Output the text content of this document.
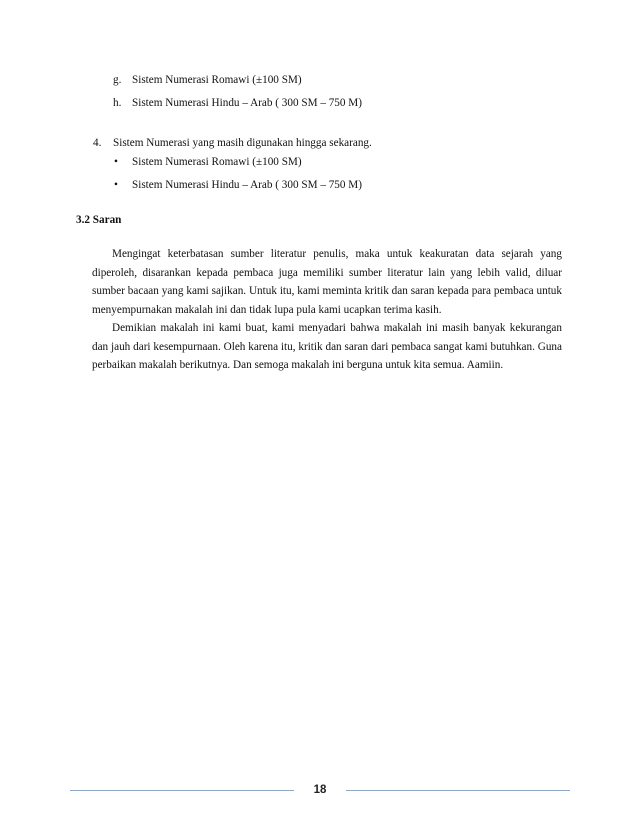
g. Sistem Numerasi Romawi (±100 SM)
h. Sistem Numerasi Hindu – Arab ( 300 SM – 750 M)
4. Sistem Numerasi yang masih digunakan hingga sekarang.
• Sistem Numerasi Romawi (±100 SM)
• Sistem Numerasi Hindu – Arab ( 300 SM – 750 M)
3.2 Saran

Mengingat keterbatasan sumber literatur penulis, maka untuk keakuratan data sejarah yang diperoleh, disarankan kepada pembaca juga memiliki sumber literatur lain yang lebih valid, diluar sumber bacaan yang kami sajikan. Untuk itu, kami meminta kritik dan saran kepada para pembaca untuk menyempurnakan makalah ini dan tidak lupa pula kami ucapkan terima kasih.

Demikian makalah ini kami buat, kami menyadari bahwa makalah ini masih banyak kekurangan dan jauh dari kesempurnaan. Oleh karena itu, kritik dan saran dari pembaca sangat kami butuhkan. Guna perbaikan makalah berikutnya. Dan semoga makalah ini berguna untuk kita semua. Aamiin.

18
